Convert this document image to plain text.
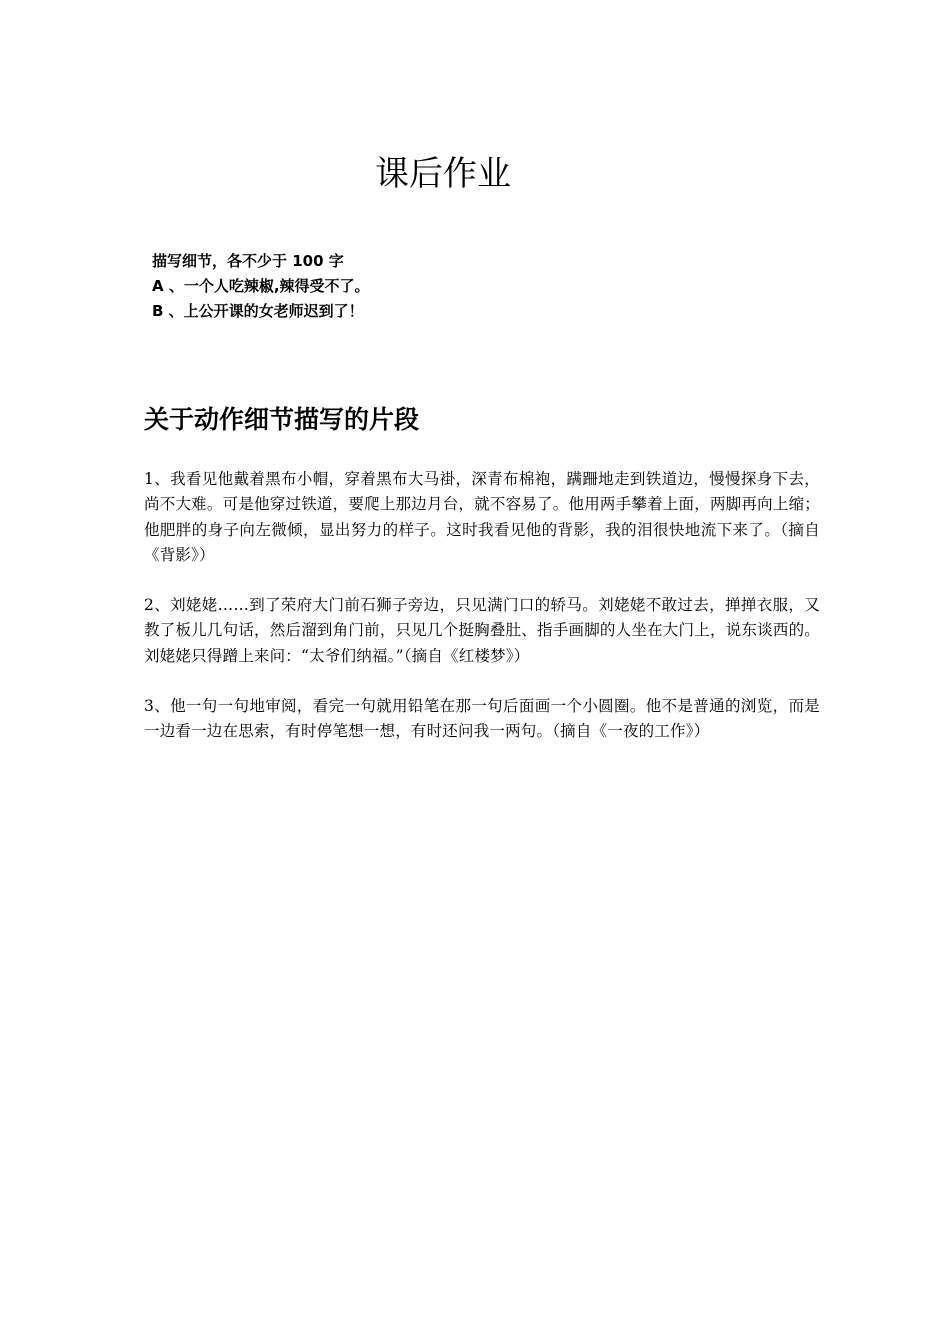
课后作业
描写细节，各不少于 100 字
A 、一个人吃辣椒,辣得受不了。
B 、上公开课的女老师迟到了！
关于动作细节描写的片段

1、我看见他戴着黑布小帽，穿着黑布大马褂，深青布棉袍，蹒跚地走到铁道边，慢慢探身下去，尚不大难。可是他穿过铁道，要爬上那边月台，就不容易了。他用两手攀着上面，两脚再向上缩；他肥胖的身子向左微倾，显出努力的样子。这时我看见他的背影，我的泪很快地流下来了。（摘自《背影》）

2、刘姥姥……到了荣府大门前石狮子旁边，只见满门口的轿马。刘姥姥不敢过去，掸掸衣服，又教了板儿几句话，然后溜到角门前，只见几个挺胸叠肚、指手画脚的人坐在大门上，说东谈西的。刘姥姥只得蹭上来问：“太爷们纳福。”（摘自《红楼梦》）

3、他一句一句地审阅，看完一句就用铅笔在那一句后面画一个小圆圈。他不是普通的浏览，而是一边看一边在思索，有时停笔想一想，有时还问我一两句。（摘自《一夜的工作》）
